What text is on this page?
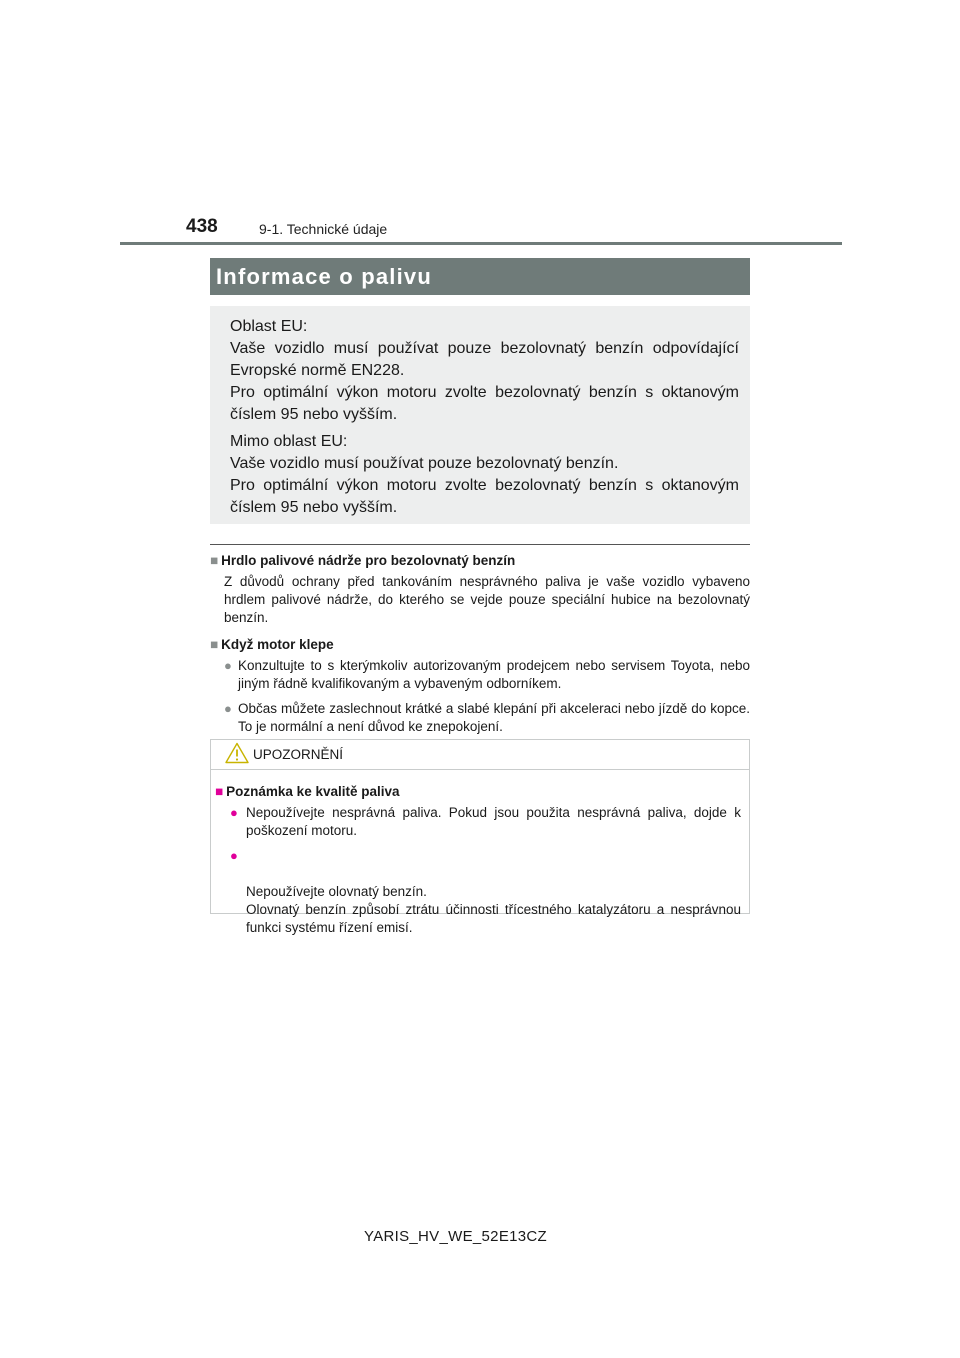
438	9-1. Technické údaje
Informace o palivu

Oblast EU:
Vaše vozidlo musí používat pouze bezolovnatý benzín odpovídající Evropské normě EN228.
Pro optimální výkon motoru zvolte bezolovnatý benzín s oktanovým číslem 95 nebo vyšším.

Mimo oblast EU:
Vaše vozidlo musí používat pouze bezolovnatý benzín.
Pro optimální výkon motoru zvolte bezolovnatý benzín s oktanovým číslem 95 nebo vyšším.

■ Hrdlo palivové nádrže pro bezolovnatý benzín
Z důvodů ochrany před tankováním nesprávného paliva je vaše vozidlo vybaveno hrdlem palivové nádrže, do kterého se vejde pouze speciální hubice na bezolovnatý benzín.
■ Když motor klepe
● Konzultujte to s kterýmkoliv autorizovaným prodejcem nebo servisem Toyota, nebo jiným řádně kvalifikovaným a vybaveným odborníkem.
● Občas můžete zaslechnout krátké a slabé klepání při akceleraci nebo jízdě do kopce. To je normální a není důvod ke znepokojení.
UPOZORNĚNÍ
■ Poznámka ke kvalitě paliva
● Nepoužívejte nesprávná paliva. Pokud jsou použita nesprávná paliva, dojde k poškození motoru.

●

Nepoužívejte olovnatý benzín.
Olovnatý benzín způsobí ztrátu účinnosti třícestného katalyzátoru a nesprávnou funkci systému řízení emisí.

YARIS_HV_WE_52E13CZ
